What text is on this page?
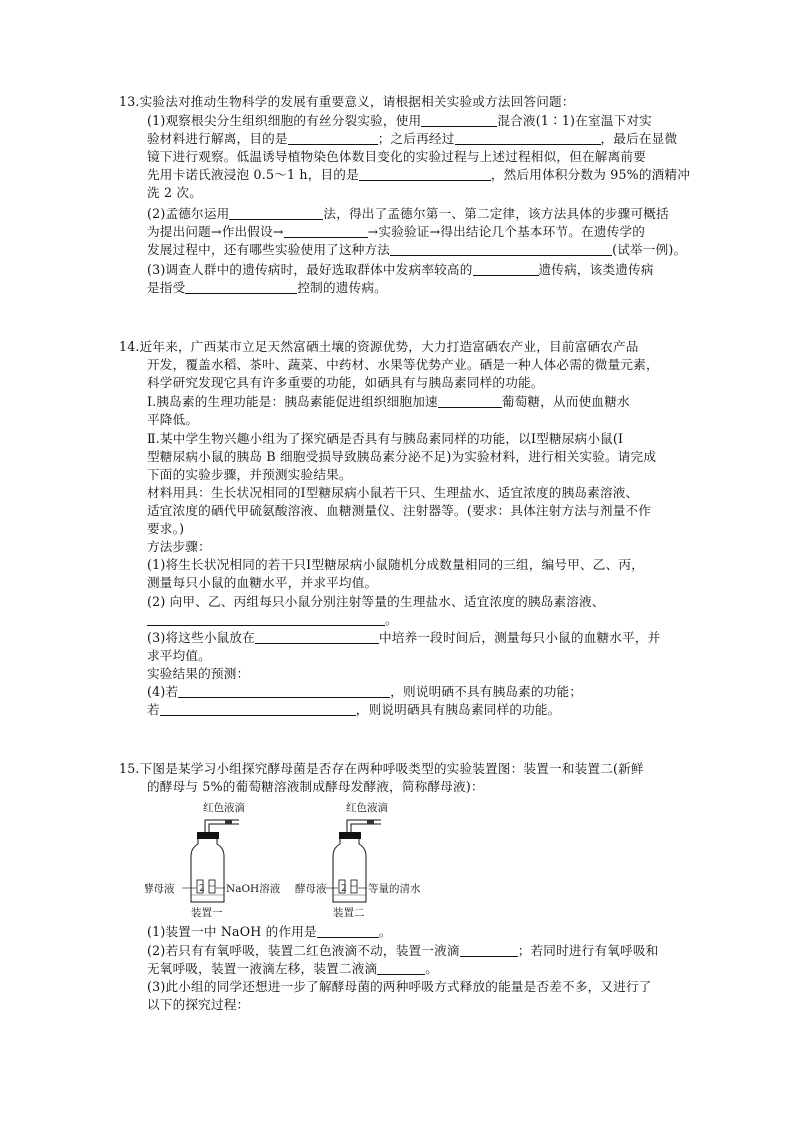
13.实验法对推动生物科学的发展有重要意义，请根据相关实验或方法回答问题：
(1)观察根尖分生组织细胞的有丝分裂实验，使用	混合液(1∶1)在室温下对实
验材料进行解离，目的是	；之后再经过	，最后在显微
镜下进行观察。低温诱导植物染色体数目变化的实验过程与上述过程相似，但在解离前要
先用卡诺氏液浸泡 0.5～1 h，目的是	，然后用体积分数为 95%的酒精冲
洗 2 次。
(2)孟德尔运用	法，得出了孟德尔第一、第二定律，该方法具体的步骤可概括
为提出问题→作出假设→	→实验验证→得出结论几个基本环节。在遗传学的
发展过程中，还有哪些实验使用了这种方法	(试举一例)。
(3)调查人群中的遗传病时，最好选取群体中发病率较高的	遗传病，该类遗传病
是指受	控制的遗传病。
14.近年来，广西某市立足天然富硒土壤的资源优势，大力打造富硒农产业，目前富硒农产品
开发，覆盖水稻、茶叶、蔬菜、中药材、水果等优势产业。硒是一种人体必需的微量元素，
科学研究发现它具有许多重要的功能，如硒具有与胰岛素同样的功能。
Ⅰ.胰岛素的生理功能是：胰岛素能促进组织细胞加速	葡萄糖，从而使血糖水
平降低。
Ⅱ.某中学生物兴趣小组为了探究硒是否具有与胰岛素同样的功能，以Ⅰ型糖尿病小鼠(Ⅰ
型糖尿病小鼠的胰岛 B 细胞受损导致胰岛素分泌不足)为实验材料，进行相关实验。请完成
下面的实验步骤，并预测实验结果。
材料用具：生长状况相同的Ⅰ型糖尿病小鼠若干只、生理盐水、适宜浓度的胰岛素溶液、
适宜浓度的硒代甲硫氨酸溶液、血糖测量仪、注射器等。(要求：具体注射方法与剂量不作
要求。)
方法步骤：
(1)将生长状况相同的若干只Ⅰ型糖尿病小鼠随机分成数量相同的三组，编号甲、乙、丙，
测量每只小鼠的血糖水平，并求平均值。
(2) 向甲、乙、丙组每只小鼠分别注射等量的生理盐水、适宜浓度的胰岛素溶液、
。
(3)将这些小鼠放在	中培养一段时间后，测量每只小鼠的血糖水平，并
求平均值。
实验结果的预测：
(4)若	，则说明硒不具有胰岛素的功能；
若	，则说明硒具有胰岛素同样的功能。
15.下图是某学习小组探究酵母菌是否存在两种呼吸类型的实验装置图：装置一和装置二(新鲜
的酵母与 5%的葡萄糖溶液制成酵母发酵液，简称酵母液)：
红色液滴
2
酵母液	NaOH溶液
装置一
红色液滴
2
酵母液	等量的清水
装置二
(1)装置一中 NaOH 的作用是	。
(2)若只有有氧呼吸，装置二红色液滴不动，装置一液滴	；若同时进行有氧呼吸和
无氧呼吸，装置一液滴左移，装置二液滴	。
(3)此小组的同学还想进一步了解酵母菌的两种呼吸方式释放的能量是否差不多，又进行了
以下的探究过程：
